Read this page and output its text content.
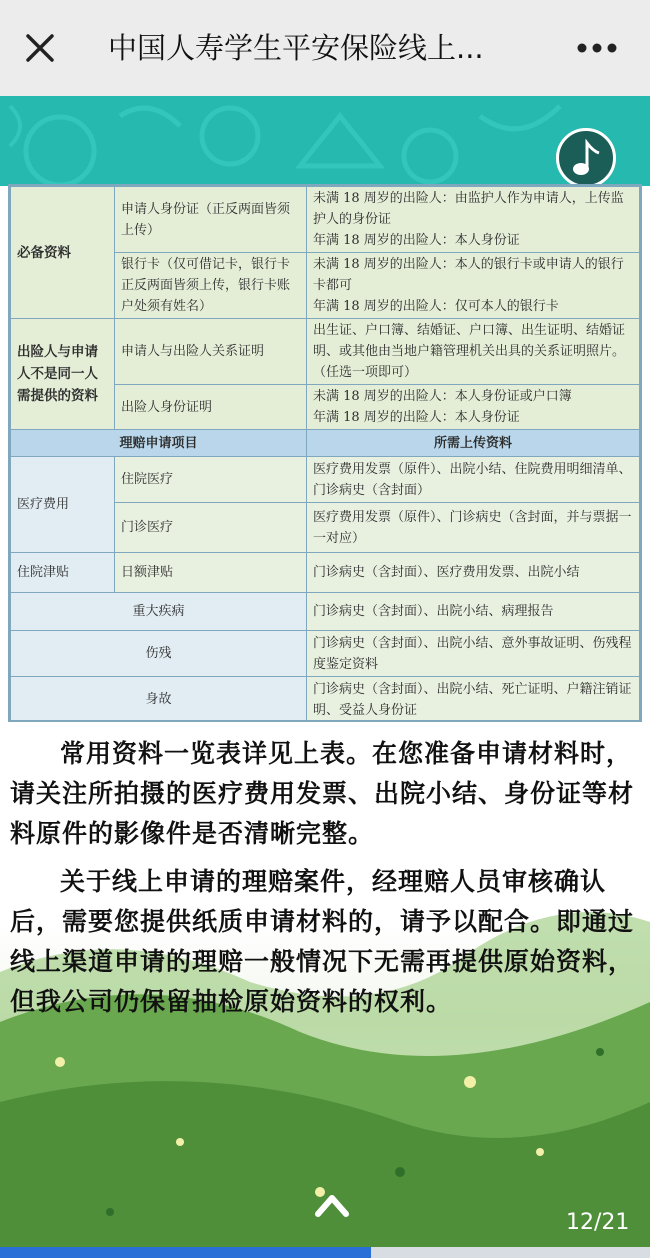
中国人寿学生平安保险线上...
必备资料	申请人身份证（正反两面皆须上传）	未满 18 周岁的出险人：由监护人作为申请人，上传监护人的身份证
年满 18 周岁的出险人：本人身份证
	银行卡（仅可借记卡，银行卡正反两面皆须上传，银行卡账户处须有姓名）	未满 18 周岁的出险人：本人的银行卡或申请人的银行卡都可
年满 18 周岁的出险人：仅可本人的银行卡
出险人与申请人不是同一人需提供的资料	申请人与出险人关系证明	出生证、户口簿、结婚证、户口簿、出生证明、结婚证明、或其他由当地户籍管理机关出具的关系证明照片。（任选一项即可）
	出险人身份证明	未满 18 周岁的出险人：本人身份证或户口簿
年满 18 周岁的出险人：本人身份证
理赔申请项目		所需上传资料
医疗费用	住院医疗	医疗费用发票（原件）、出院小结、住院费用明细清单、门诊病史（含封面）
	门诊医疗	医疗费用发票（原件）、门诊病史（含封面，并与票据一一对应）
住院津贴	日额津贴	门诊病史（含封面）、医疗费用发票、出院小结
重大疾病		门诊病史（含封面）、出院小结、病理报告
伤残		门诊病史（含封面）、出院小结、意外事故证明、伤残程度鉴定资料
身故		门诊病史（含封面）、出院小结、死亡证明、户籍注销证明、受益人身份证
常用资料一览表详见上表。在您准备申请材料时，请关注所拍摄的医疗费用发票、出院小结、身份证等材料原件的影像件是否清晰完整。
关于线上申请的理赔案件，经理赔人员审核确认后，需要您提供纸质申请材料的，请予以配合。即通过线上渠道申请的理赔一般情况下无需再提供原始资料，但我公司仍保留抽检原始资料的权利。
12/21
